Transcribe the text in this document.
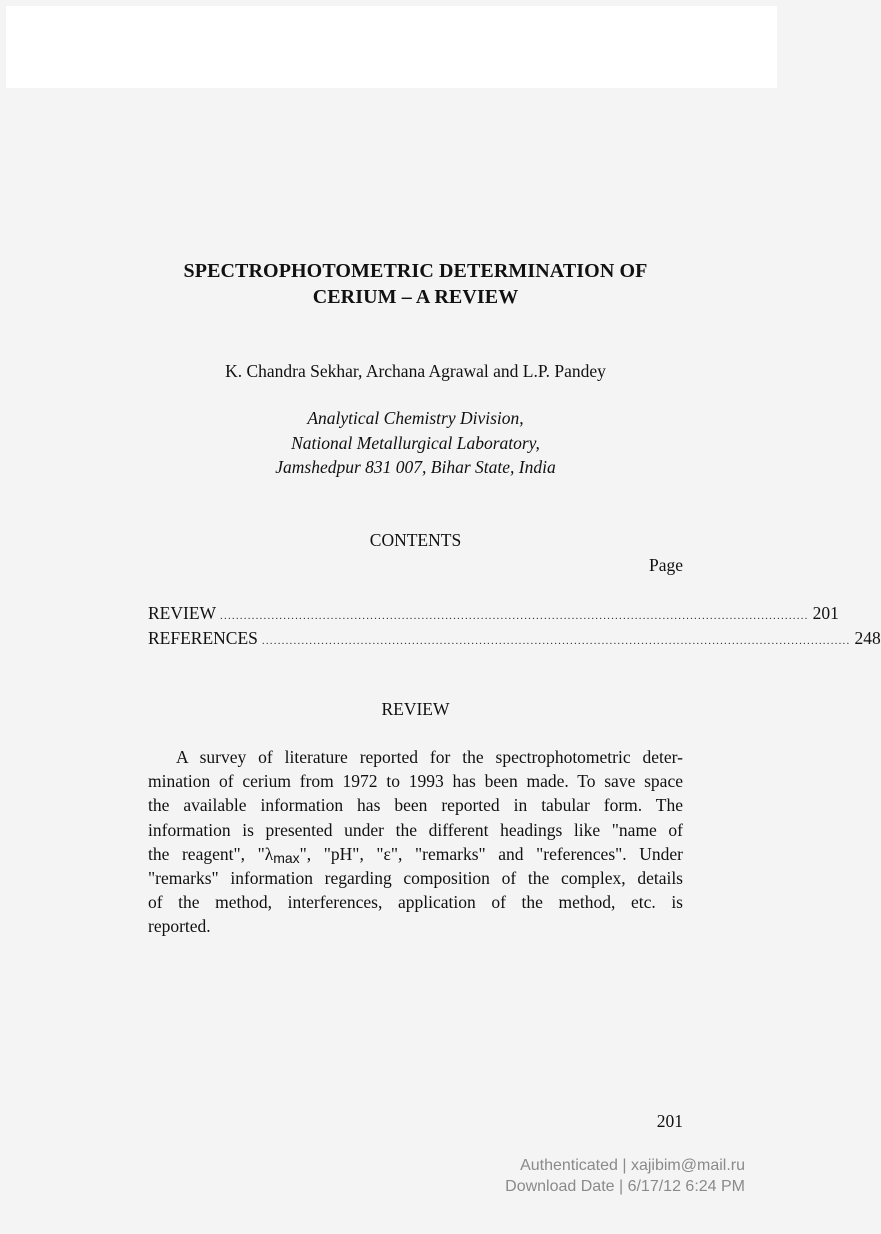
SPECTROPHOTOMETRIC DETERMINATION OF
CERIUM – A REVIEW
K. Chandra Sekhar, Archana Agrawal and L.P. Pandey
Analytical Chemistry Division,
National Metallurgical Laboratory,
Jamshedpur 831 007, Bihar State, India
CONTENTS
Page
REVIEW ..................................................................................................................................................... 201
REFERENCES ..................................................................................................................................................... 248
REVIEW
A survey of literature reported for the spectrophotometric deter-
mination of cerium from 1972 to 1993 has been made. To save space
the available information has been reported in tabular form. The
information is presented under the different headings like "name of
the reagent", "λmax", "pH", "ε", "remarks" and "references". Under
"remarks" information regarding composition of the complex, details
of the method, interferences, application of the method, etc. is
reported.
201
Authenticated | xajibim@mail.ru
Download Date | 6/17/12 6:24 PM
